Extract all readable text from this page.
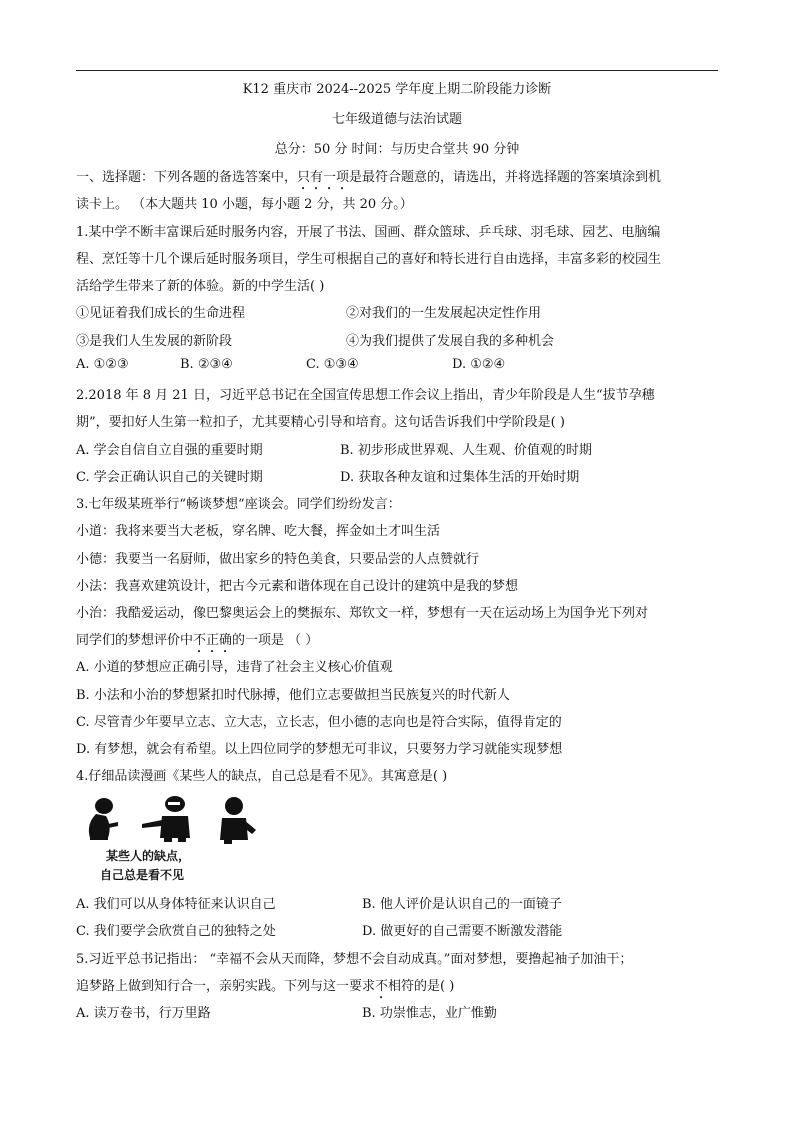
K12 重庆市 2024--2025 学年度上期二阶段能力诊断
七年级道德与法治试题
总分：50 分 时间：与历史合堂共 90 分钟
一、选择题：下列各题的备选答案中，只有一项是最符合题意的，请选出，并将选择题的答案填涂到机
读卡上。 （本大题共 10 小题，每小题 2 分，共 20 分。）
1.某中学不断丰富课后延时服务内容，开展了书法、国画、群众篮球、乒乓球、羽毛球、园艺、电脑编
程、烹饪等十几个课后延时服务项目，学生可根据自己的喜好和特长进行自由选择，丰富多彩的校园生
活给学生带来了新的体验。新的中学生活( )
①见证着我们成长的生命进程	②对我们的一生发展起决定性作用
③是我们人生发展的新阶段	④为我们提供了发展自我的多种机会
A. ①②③	B. ②③④	C. ①③④	D. ①②④
2.2018 年 8 月 21 日，习近平总书记在全国宣传思想工作会议上指出，青少年阶段是人生“拔节孕穗
期”，要扣好人生第一粒扣子，尤其要精心引导和培育。这句话告诉我们中学阶段是( )
A. 学会自信自立自强的重要时期	B. 初步形成世界观、人生观、价值观的时期
C. 学会正确认识自己的关键时期	D. 获取各种友谊和过集体生活的开始时期
3.七年级某班举行“畅谈梦想“座谈会。同学们纷纷发言：
小道：我将来要当大老板，穿名牌、吃大餐，挥金如土才叫生活
小德：我要当一名厨师，做出家乡的特色美食，只要品尝的人点赞就行
小法：我喜欢建筑设计，把古今元素和谐体现在自己设计的建筑中是我的梦想
小治：我酷爱运动，像巴黎奥运会上的樊振东、郑钦文一样，梦想有一天在运动场上为国争光下列对
同学们的梦想评价中不正确的一项是 （ ）
A. 小道的梦想应正确引导，违背了社会主义核心价值观
B. 小法和小治的梦想紧扣时代脉搏，他们立志要做担当民族复兴的时代新人
C. 尽管青少年要早立志、立大志，立长志，但小德的志向也是符合实际，值得肯定的
D. 有梦想，就会有希望。以上四位同学的梦想无可非议，只要努力学习就能实现梦想
4.仔细品读漫画《某些人的缺点，自己总是看不见》。其寓意是( )
某些人的缺点，
自己总是看不见
A. 我们可以从身体特征来认识自己	B. 他人评价是认识自己的一面镜子
C. 我们要学会欣赏自己的独特之处	D. 做更好的自己需要不断激发潜能
5.习近平总书记指出： “幸福不会从天而降，梦想不会自动成真。”面对梦想，要撸起袖子加油干；
追梦路上做到知行合一，亲躬实践。下列与这一要求不相符的是( )
A. 读万卷书，行万里路	B. 功崇惟志，业广惟勤
